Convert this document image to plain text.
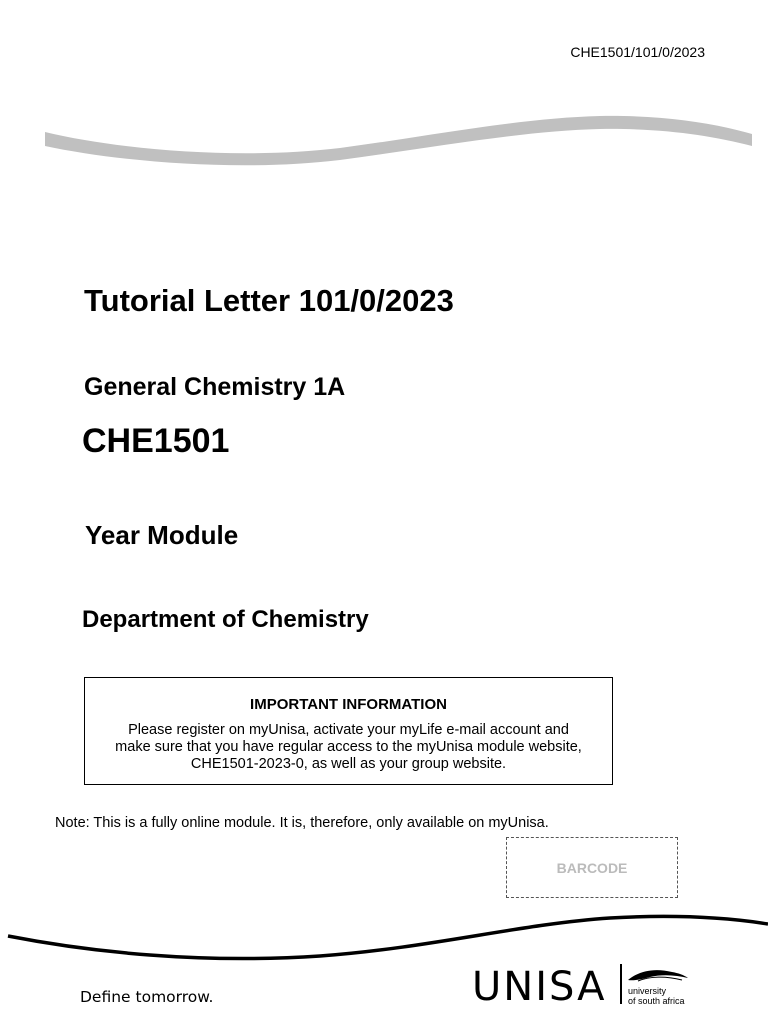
CHE1501/101/0/2023
Tutorial Letter 101/0/2023
General Chemistry 1A
CHE1501
Year Module
Department of Chemistry
IMPORTANT INFORMATION
Please register on myUnisa, activate your myLife e-mail account and make sure that you have regular access to the myUnisa module website, CHE1501-2023-0, as well as your group website.
Note: This is a fully online module. It is, therefore, only available on myUnisa.
BARCODE
Define tomorrow.	UNISA university
of south africa
